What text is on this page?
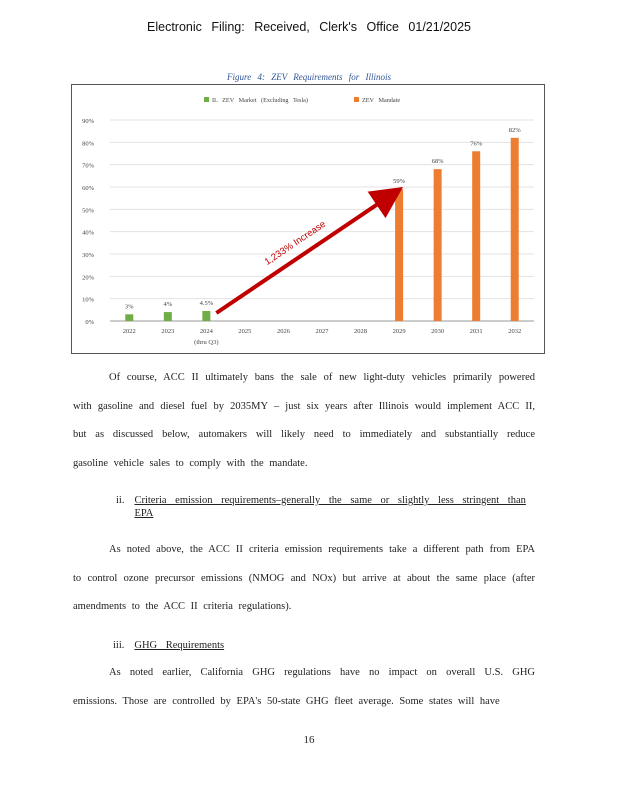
Electronic Filing: Received, Clerk's Office 01/21/2025
Figure 4: ZEV Requirements for Illinois
0%
10%
20%
30%
40%
50%
60%
70%
80%
90%
2022	2023	2024
(thru Q3)
2025	2026	2027	2028	2029	2030	2031	2032
3%	4%	4.5%
59%
68%
76%
82%
IL ZEV Market (Excluding Tesla)	ZEV Mandate
1,233% Increase

Of course, ACC II ultimately bans the sale of new light-duty vehicles primarily powered with gasoline and diesel fuel by 2035MY – just six years after Illinois would implement ACC II, but as discussed below, automakers will likely need to immediately and substantially reduce gasoline vehicle sales to comply with the mandate.

ii. Criteria emission requirements–generally the same or slightly less stringent than EPA

As noted above, the ACC II criteria emission requirements take a different path from EPA to control ozone precursor emissions (NMOG and NOx) but arrive at about the same place (after amendments to the ACC II criteria regulations).

iii. GHG Requirements

As noted earlier, California GHG regulations have no impact on overall U.S. GHG emissions. Those are controlled by EPA's 50-state GHG fleet average. Some states will have

16
